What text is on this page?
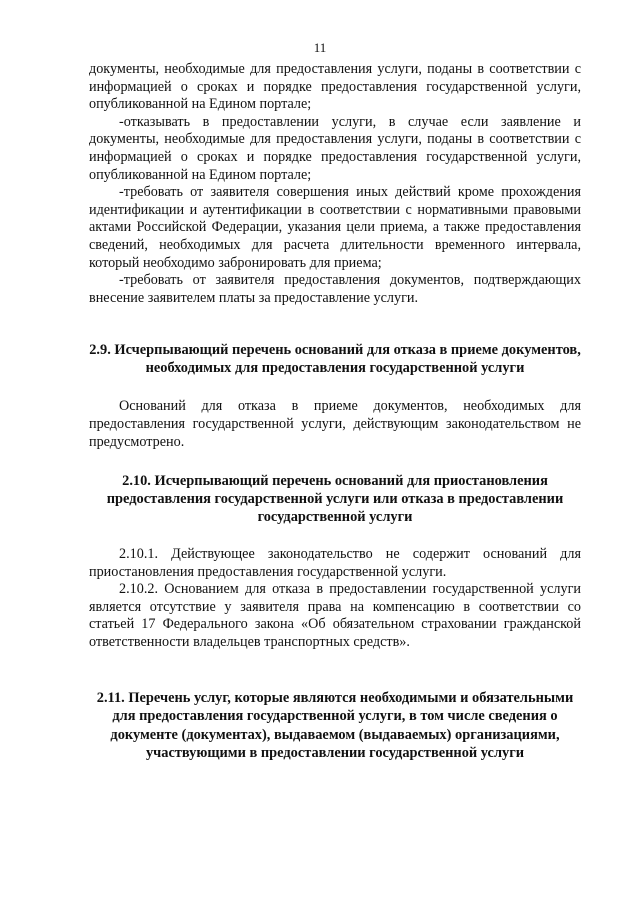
11

документы, необходимые для предоставления услуги, поданы в соответствии с информацией о сроках и порядке предоставления государственной услуги, опубликованной на Едином портале;

-отказывать в предоставлении услуги, в случае если заявление и документы, необходимые для предоставления услуги, поданы в соответствии с информацией о сроках и порядке предоставления государственной услуги, опубликованной на Едином портале;

-требовать от заявителя совершения иных действий кроме прохождения идентификации и аутентификации в соответствии с нормативными правовыми актами Российской Федерации, указания цели приема, а также предоставления сведений, необходимых для расчета длительности временного интервала, который необходимо забронировать для приема;

-требовать от заявителя предоставления документов, подтверждающих внесение заявителем платы за предоставление услуги.

2.9. Исчерпывающий перечень оснований для отказа в приеме документов, необходимых для предоставления государственной услуги

Оснований для отказа в приеме документов, необходимых для предоставления государственной услуги, действующим законодательством не предусмотрено.

2.10. Исчерпывающий перечень оснований для приостановления предоставления государственной услуги или отказа в предоставлении государственной услуги

2.10.1. Действующее законодательство не содержит оснований для приостановления предоставления государственной услуги.

2.10.2. Основанием для отказа в предоставлении государственной услуги является отсутствие у заявителя права на компенсацию в соответствии со статьей 17 Федерального закона «Об обязательном страховании гражданской ответственности владельцев транспортных средств».

2.11. Перечень услуг, которые являются необходимыми и обязательными для предоставления государственной услуги, в том числе сведения о документе (документах), выдаваемом (выдаваемых) организациями, участвующими в предоставлении государственной услуги
